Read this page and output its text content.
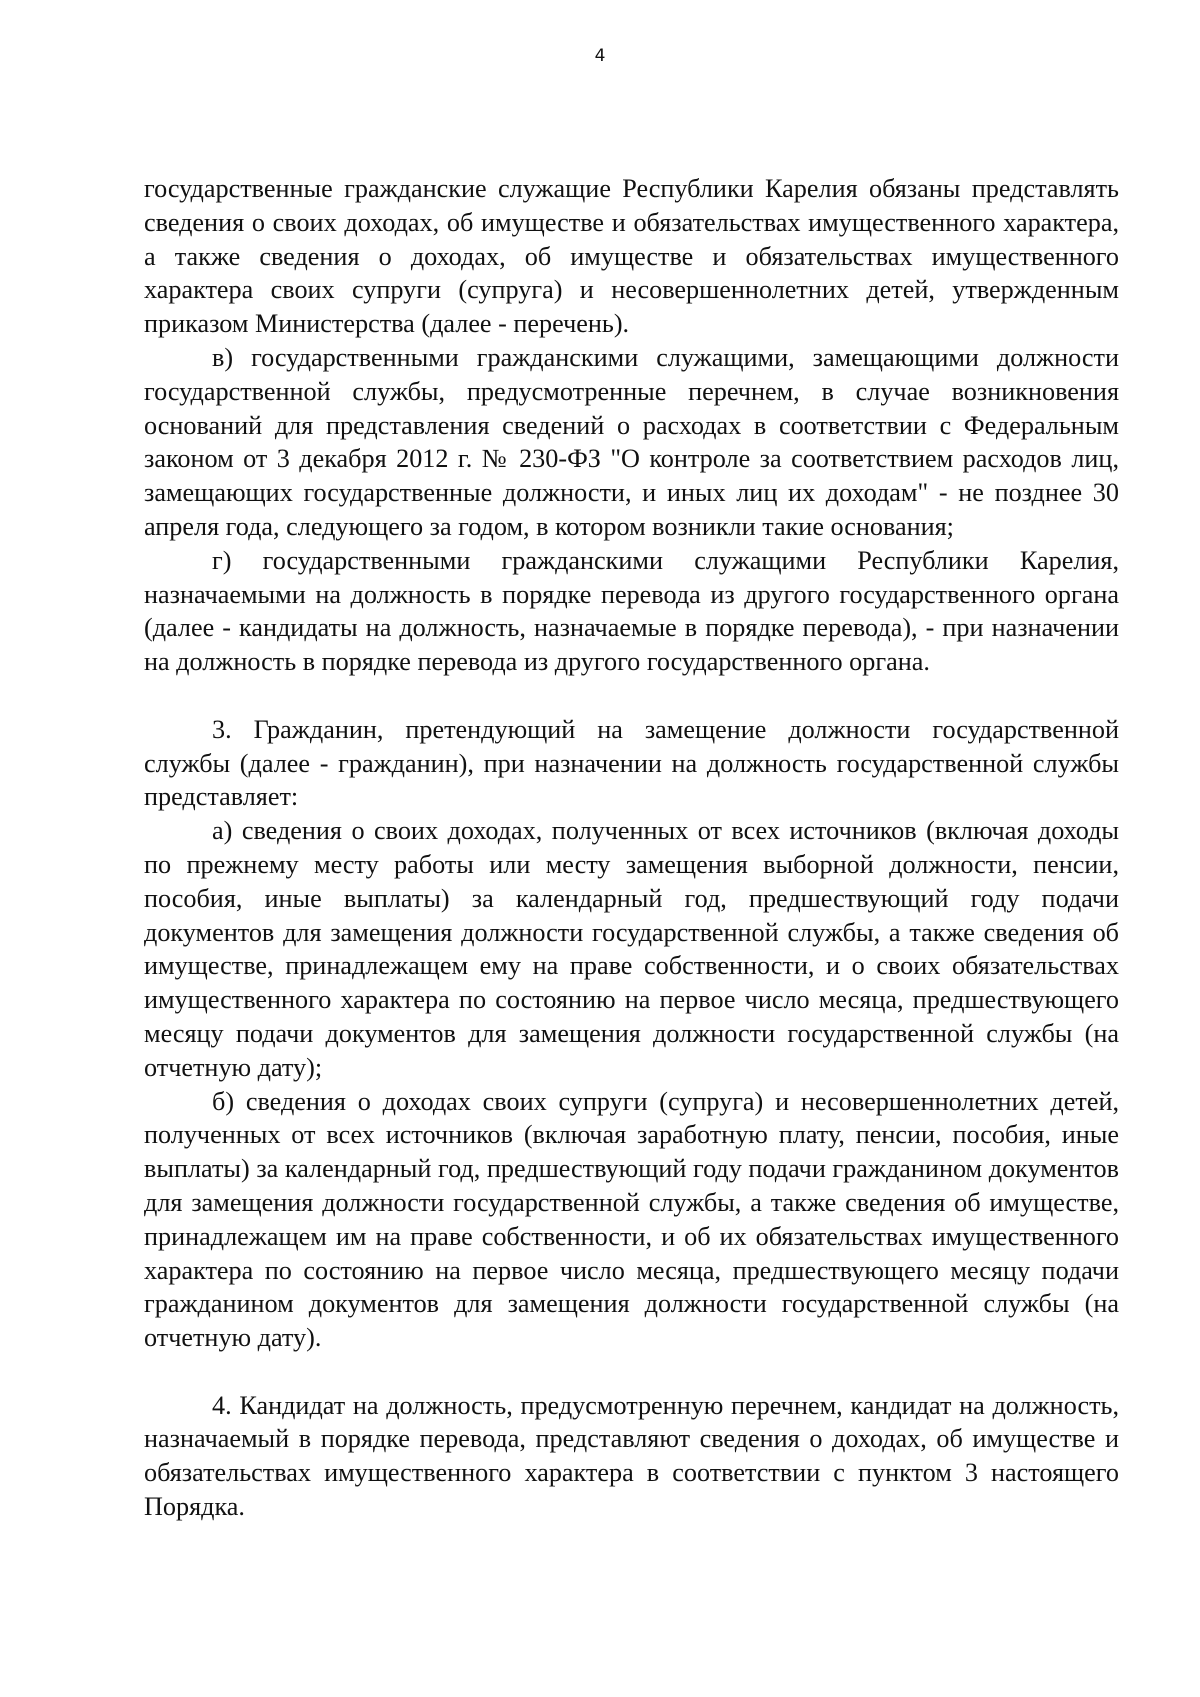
4

государственные гражданские служащие Республики Карелия обязаны представлять сведения о своих доходах, об имуществе и обязательствах имущественного характера, а также сведения о доходах, об имуществе и обязательствах имущественного характера своих супруги (супруга) и несовершеннолетних детей, утвержденным приказом Министерства (далее - перечень).

в) государственными гражданскими служащими, замещающими должности государственной службы, предусмотренные перечнем, в случае возникновения оснований для представления сведений о расходах в соответствии с Федеральным законом от 3 декабря 2012 г. № 230-ФЗ "О контроле за соответствием расходов лиц, замещающих государственные должности, и иных лиц их доходам" - не позднее 30 апреля года, следующего за годом, в котором возникли такие основания;

г) государственными гражданскими служащими Республики Карелия, назначаемыми на должность в порядке перевода из другого государственного органа (далее - кандидаты на должность, назначаемые в порядке перевода), - при назначении на должность в порядке перевода из другого государственного органа.

3. Гражданин, претендующий на замещение должности государственной службы (далее - гражданин), при назначении на должность государственной службы представляет:

а) сведения о своих доходах, полученных от всех источников (включая доходы по прежнему месту работы или месту замещения выборной должности, пенсии, пособия, иные выплаты) за календарный год, предшествующий году подачи документов для замещения должности государственной службы, а также сведения об имуществе, принадлежащем ему на праве собственности, и о своих обязательствах имущественного характера по состоянию на первое число месяца, предшествующего месяцу подачи документов для замещения должности государственной службы (на отчетную дату);

б) сведения о доходах своих супруги (супруга) и несовершеннолетних детей, полученных от всех источников (включая заработную плату, пенсии, пособия, иные выплаты) за календарный год, предшествующий году подачи гражданином документов для замещения должности государственной службы, а также сведения об имуществе, принадлежащем им на праве собственности, и об их обязательствах имущественного характера по состоянию на первое число месяца, предшествующего месяцу подачи гражданином документов для замещения должности государственной службы (на отчетную дату).

4. Кандидат на должность, предусмотренную перечнем, кандидат на должность, назначаемый в порядке перевода, представляют сведения о доходах, об имуществе и обязательствах имущественного характера в соответствии с пунктом 3 настоящего Порядка.
